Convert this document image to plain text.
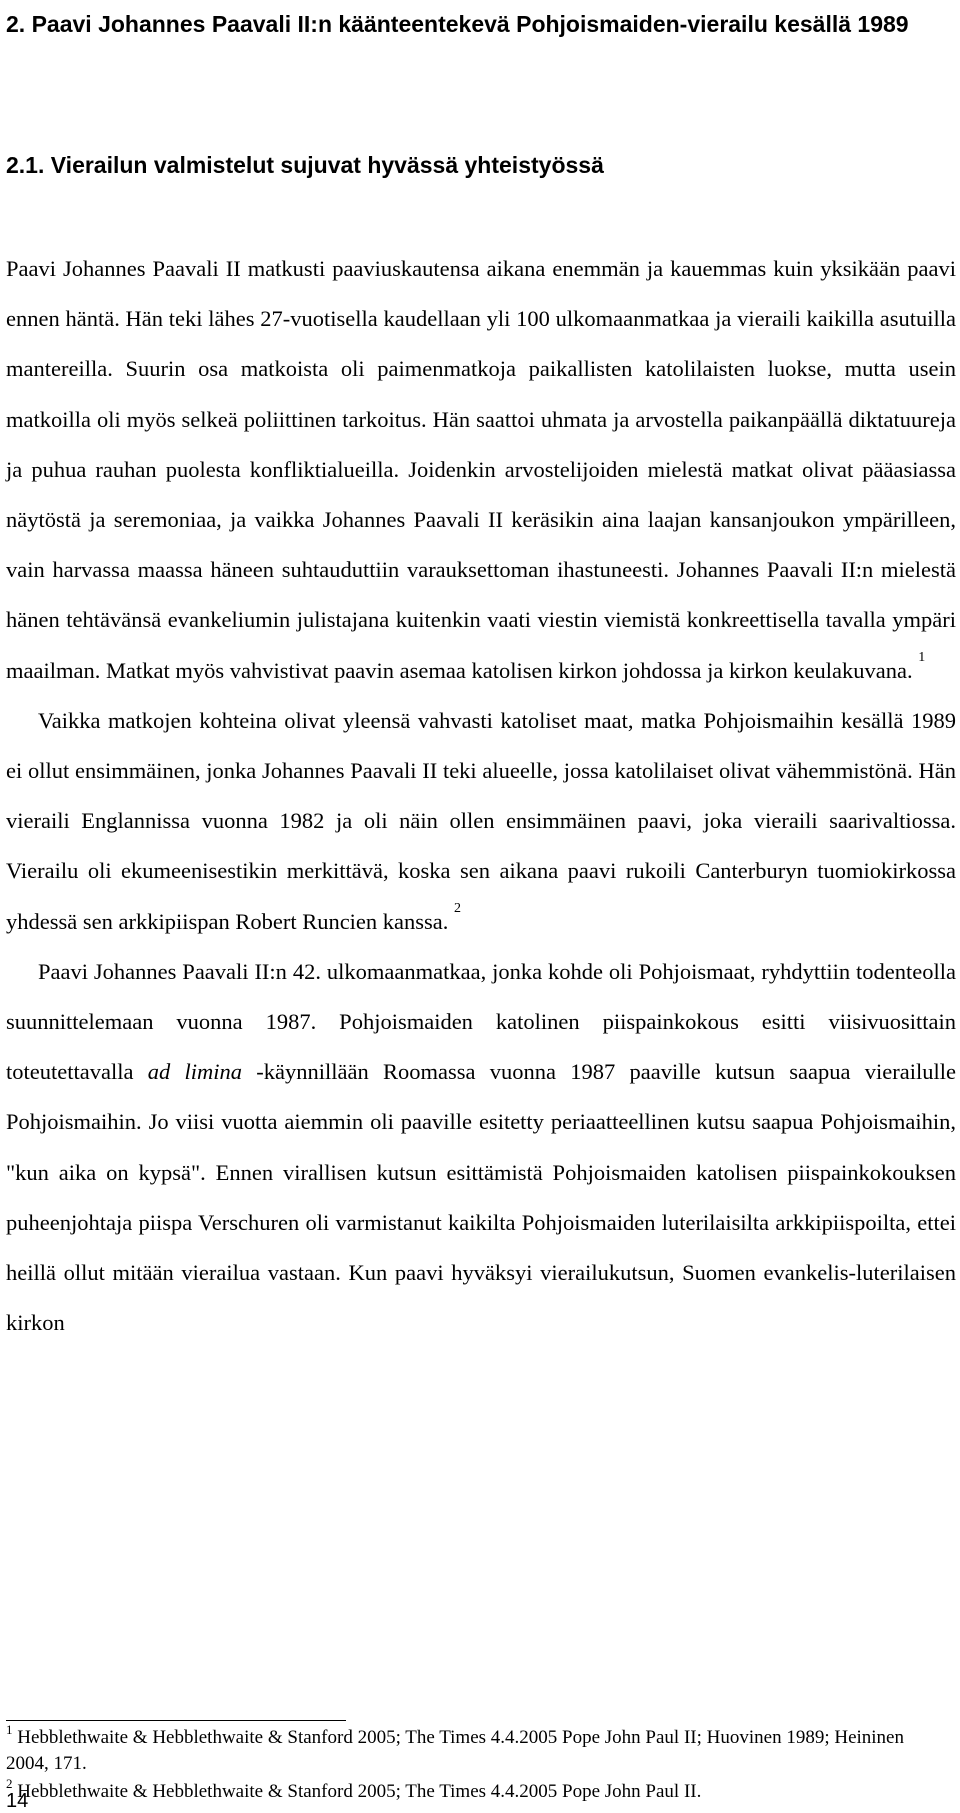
2. Paavi Johannes Paavali II:n käänteentekevä Pohjoismaiden-vierailu kesällä 1989
2.1. Vierailun valmistelut sujuvat hyvässä yhteistyössä

Paavi Johannes Paavali II matkusti paaviuskautensa aikana enemmän ja kauemmas kuin yksikään paavi ennen häntä. Hän teki lähes 27-vuotisella kaudellaan yli 100 ulkomaanmatkaa ja vieraili kaikilla asutuilla mantereilla. Suurin osa matkoista oli paimenmatkoja paikallisten katolilaisten luokse, mutta usein matkoilla oli myös selkeä poliittinen tarkoitus. Hän saattoi uhmata ja arvostella paikanpäällä diktatuureja ja puhua rauhan puolesta konfliktialueilla. Joidenkin arvostelijoiden mielestä matkat olivat pääasiassa näytöstä ja seremoniaa, ja vaikka Johannes Paavali II keräsikin aina laajan kansanjoukon ympärilleen, vain harvassa maassa häneen suhtauduttiin varauksettoman ihastuneesti. Johannes Paavali II:n mielestä hänen tehtävänsä evankeliumin julistajana kuitenkin vaati viestin viemistä konkreettisella tavalla ympäri maailman. Matkat myös vahvistivat paavin asemaa katolisen kirkon johdossa ja kirkon keulakuvana. $^1$

Vaikka matkojen kohteina olivat yleensä vahvasti katoliset maat, matka Pohjoismaihin kesällä 1989 ei ollut ensimmäinen, jonka Johannes Paavali II teki alueelle, jossa katolilaiset olivat vähemmistönä. Hän vieraili Englannissa vuonna 1982 ja oli näin ollen ensimmäinen paavi, joka vieraili saarivaltiossa. Vierailu oli ekumeenisestikin merkittävä, koska sen aikana paavi rukoili Canterburyn tuomiokirkossa yhdessä sen arkkipiispan Robert Runcien kanssa. $^2$

Paavi Johannes Paavali II:n 42. ulkomaanmatkaa, jonka kohde oli Pohjoismaat, ryhdyttiin todenteolla suunnittelemaan vuonna 1987. Pohjoismaiden katolinen piispainkokous esitti viisivuosittain toteutettavalla ad limina -käynnillään Roomassa vuonna 1987 paaville kutsun saapua vierailulle Pohjoismaihin. Jo viisi vuotta aiemmin oli paaville esitetty periaatteellinen kutsu saapua Pohjoismaihin, "kun aika on kypsä". Ennen virallisen kutsun esittämistä Pohjoismaiden katolisen piispainkokouksen puheenjohtaja piispa Verschuren oli varmistanut kaikilta Pohjoismaiden luterilaisilta arkkipiispoilta, ettei heillä ollut mitään vierailua vastaan. Kun paavi hyväksyi vierailukutsun, Suomen evankelis-luterilaisen kirkon

$^1$ Hebblethwaite & Hebblethwaite & Stanford 2005; The Times 4.4.2005 Pope John Paul II; Huovinen 1989; Heininen 2004, 171.
$^2$ Hebblethwaite & Hebblethwaite & Stanford 2005; The Times 4.4.2005 Pope John Paul II.
14
